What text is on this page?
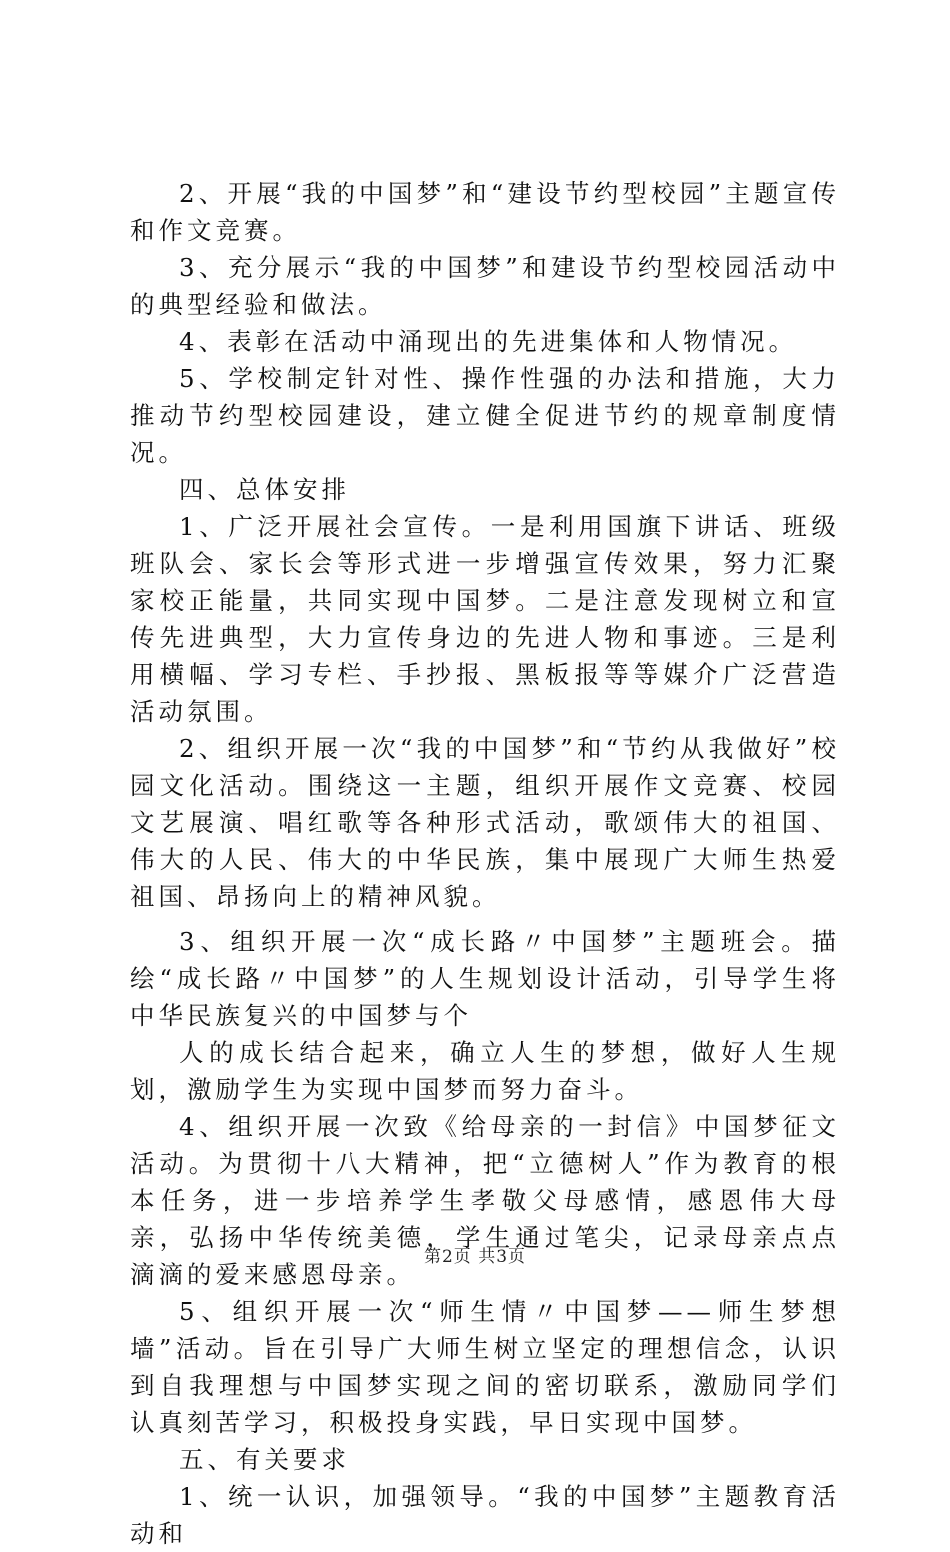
2、开展“我的中国梦”和“建设节约型校园”主题宣传和作文竞赛。

3、充分展示“我的中国梦”和建设节约型校园活动中的典型经验和做法。

4、表彰在活动中涌现出的先进集体和人物情况。

5、学校制定针对性、操作性强的办法和措施，大力推动节约型校园建设，建立健全促进节约的规章制度情况。

四、总体安排

1、广泛开展社会宣传。一是利用国旗下讲话、班级班队会、家长会等形式进一步增强宣传效果，努力汇聚家校正能量，共同实现中国梦。二是注意发现树立和宣传先进典型，大力宣传身边的先进人物和事迹。三是利用横幅、学习专栏、手抄报、黑板报等等媒介广泛营造活动氛围。

2、组织开展一次“我的中国梦”和“节约从我做好”校园文化活动。围绕这一主题，组织开展作文竞赛、校园文艺展演、唱红歌等各种形式活动，歌颂伟大的祖国、伟大的人民、伟大的中华民族，集中展现广大师生热爱祖国、昂扬向上的精神风貌。

3、组织开展一次“成长路〃中国梦”主题班会。描绘“成长路〃中国梦”的人生规划设计活动，引导学生将中华民族复兴的中国梦与个

人的成长结合起来，确立人生的梦想，做好人生规划，激励学生为实现中国梦而努力奋斗。

4、组织开展一次致《给母亲的一封信》中国梦征文活动。为贯彻十八大精神，把“立德树人”作为教育的根本任务，进一步培养学生孝敬父母感情，感恩伟大母亲，弘扬中华传统美德，学生通过笔尖，记录母亲点点滴滴的爱来感恩母亲。

5、组织开展一次“师生情〃中国梦——师生梦想墙”活动。旨在引导广大师生树立坚定的理想信念，认识到自我理想与中国梦实现之间的密切联系，激励同学们认真刻苦学习，积极投身实践，早日实现中国梦。

五、有关要求

1、统一认识，加强领导。“我的中国梦”主题教育活动和

第2页 共3页
